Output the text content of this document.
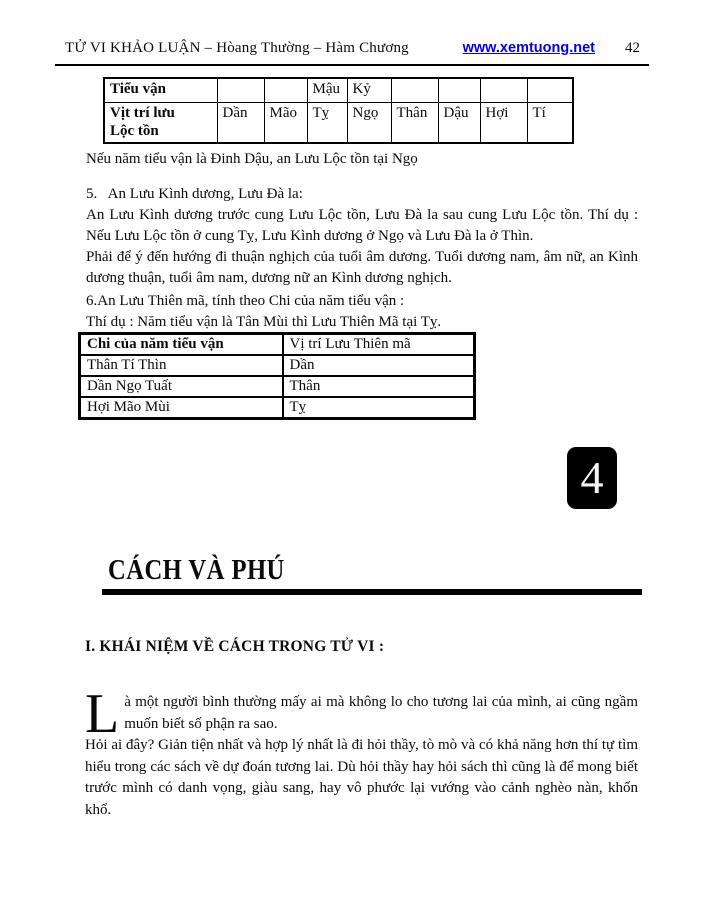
TỬ VI KHẢO LUẬN – Hòang Thường – Hàm Chương	www.xemtuong.net 42
Tiểu vận			Mậu	Kỷ				

Vịt trí lưu
Lộc tồn	Dần	Mão	Tỵ	Ngọ	Thân	Dậu	Hợi	Tí
Nếu năm tiểu vận là Đinh Dậu, an Lưu Lộc tồn tại Ngọ
5.   An Lưu Kình dương, Lưu Đà la:

An Lưu Kình dương trước cung Lưu Lộc tồn, Lưu Đà la sau cung Lưu Lộc tồn. Thí dụ : Nếu Lưu Lộc tồn ở cung Tỵ, Lưu Kình dương ở Ngọ và Lưu Đà la ở Thìn.

Phải để ý đến hướng đi thuận nghịch của tuổi âm dương. Tuổi dương nam, âm nữ, an Kình dương thuận, tuổi âm nam, dương nữ an Kình dương nghịch.

6.An Lưu Thiên mã, tính theo Chi của năm tiểu vận :
Thí dụ : Năm tiểu vận là Tân Mùi thì Lưu Thiên Mã tại Tỵ.
Chi của năm tiểu vận	Vị trí Lưu Thiên mã
Thân Tí Thìn	Dần
Dần Ngọ Tuất	Thân
Hợi Mão Mùi	Tỵ
4
CÁCH VÀ PHÚ
I. KHÁI NIỆM VỀ CÁCH TRONG TỬ VI :

Là một người bình thường mấy ai mà không lo cho tương lai của mình, ai cũng ngầm muốn biết số phận ra sao.

Hỏi ai đây? Giản tiện nhất và hợp lý nhất là đi hỏi thầy, tò mò và có khả năng hơn thí tự tìm hiểu trong các sách về dự đoán tương lai. Dù hỏi thầy hay hỏi sách thì cũng là để mong biết trước mình có danh vọng, giàu sang, hay vô phước lại vướng vào cảnh nghèo nàn, khốn khổ.
